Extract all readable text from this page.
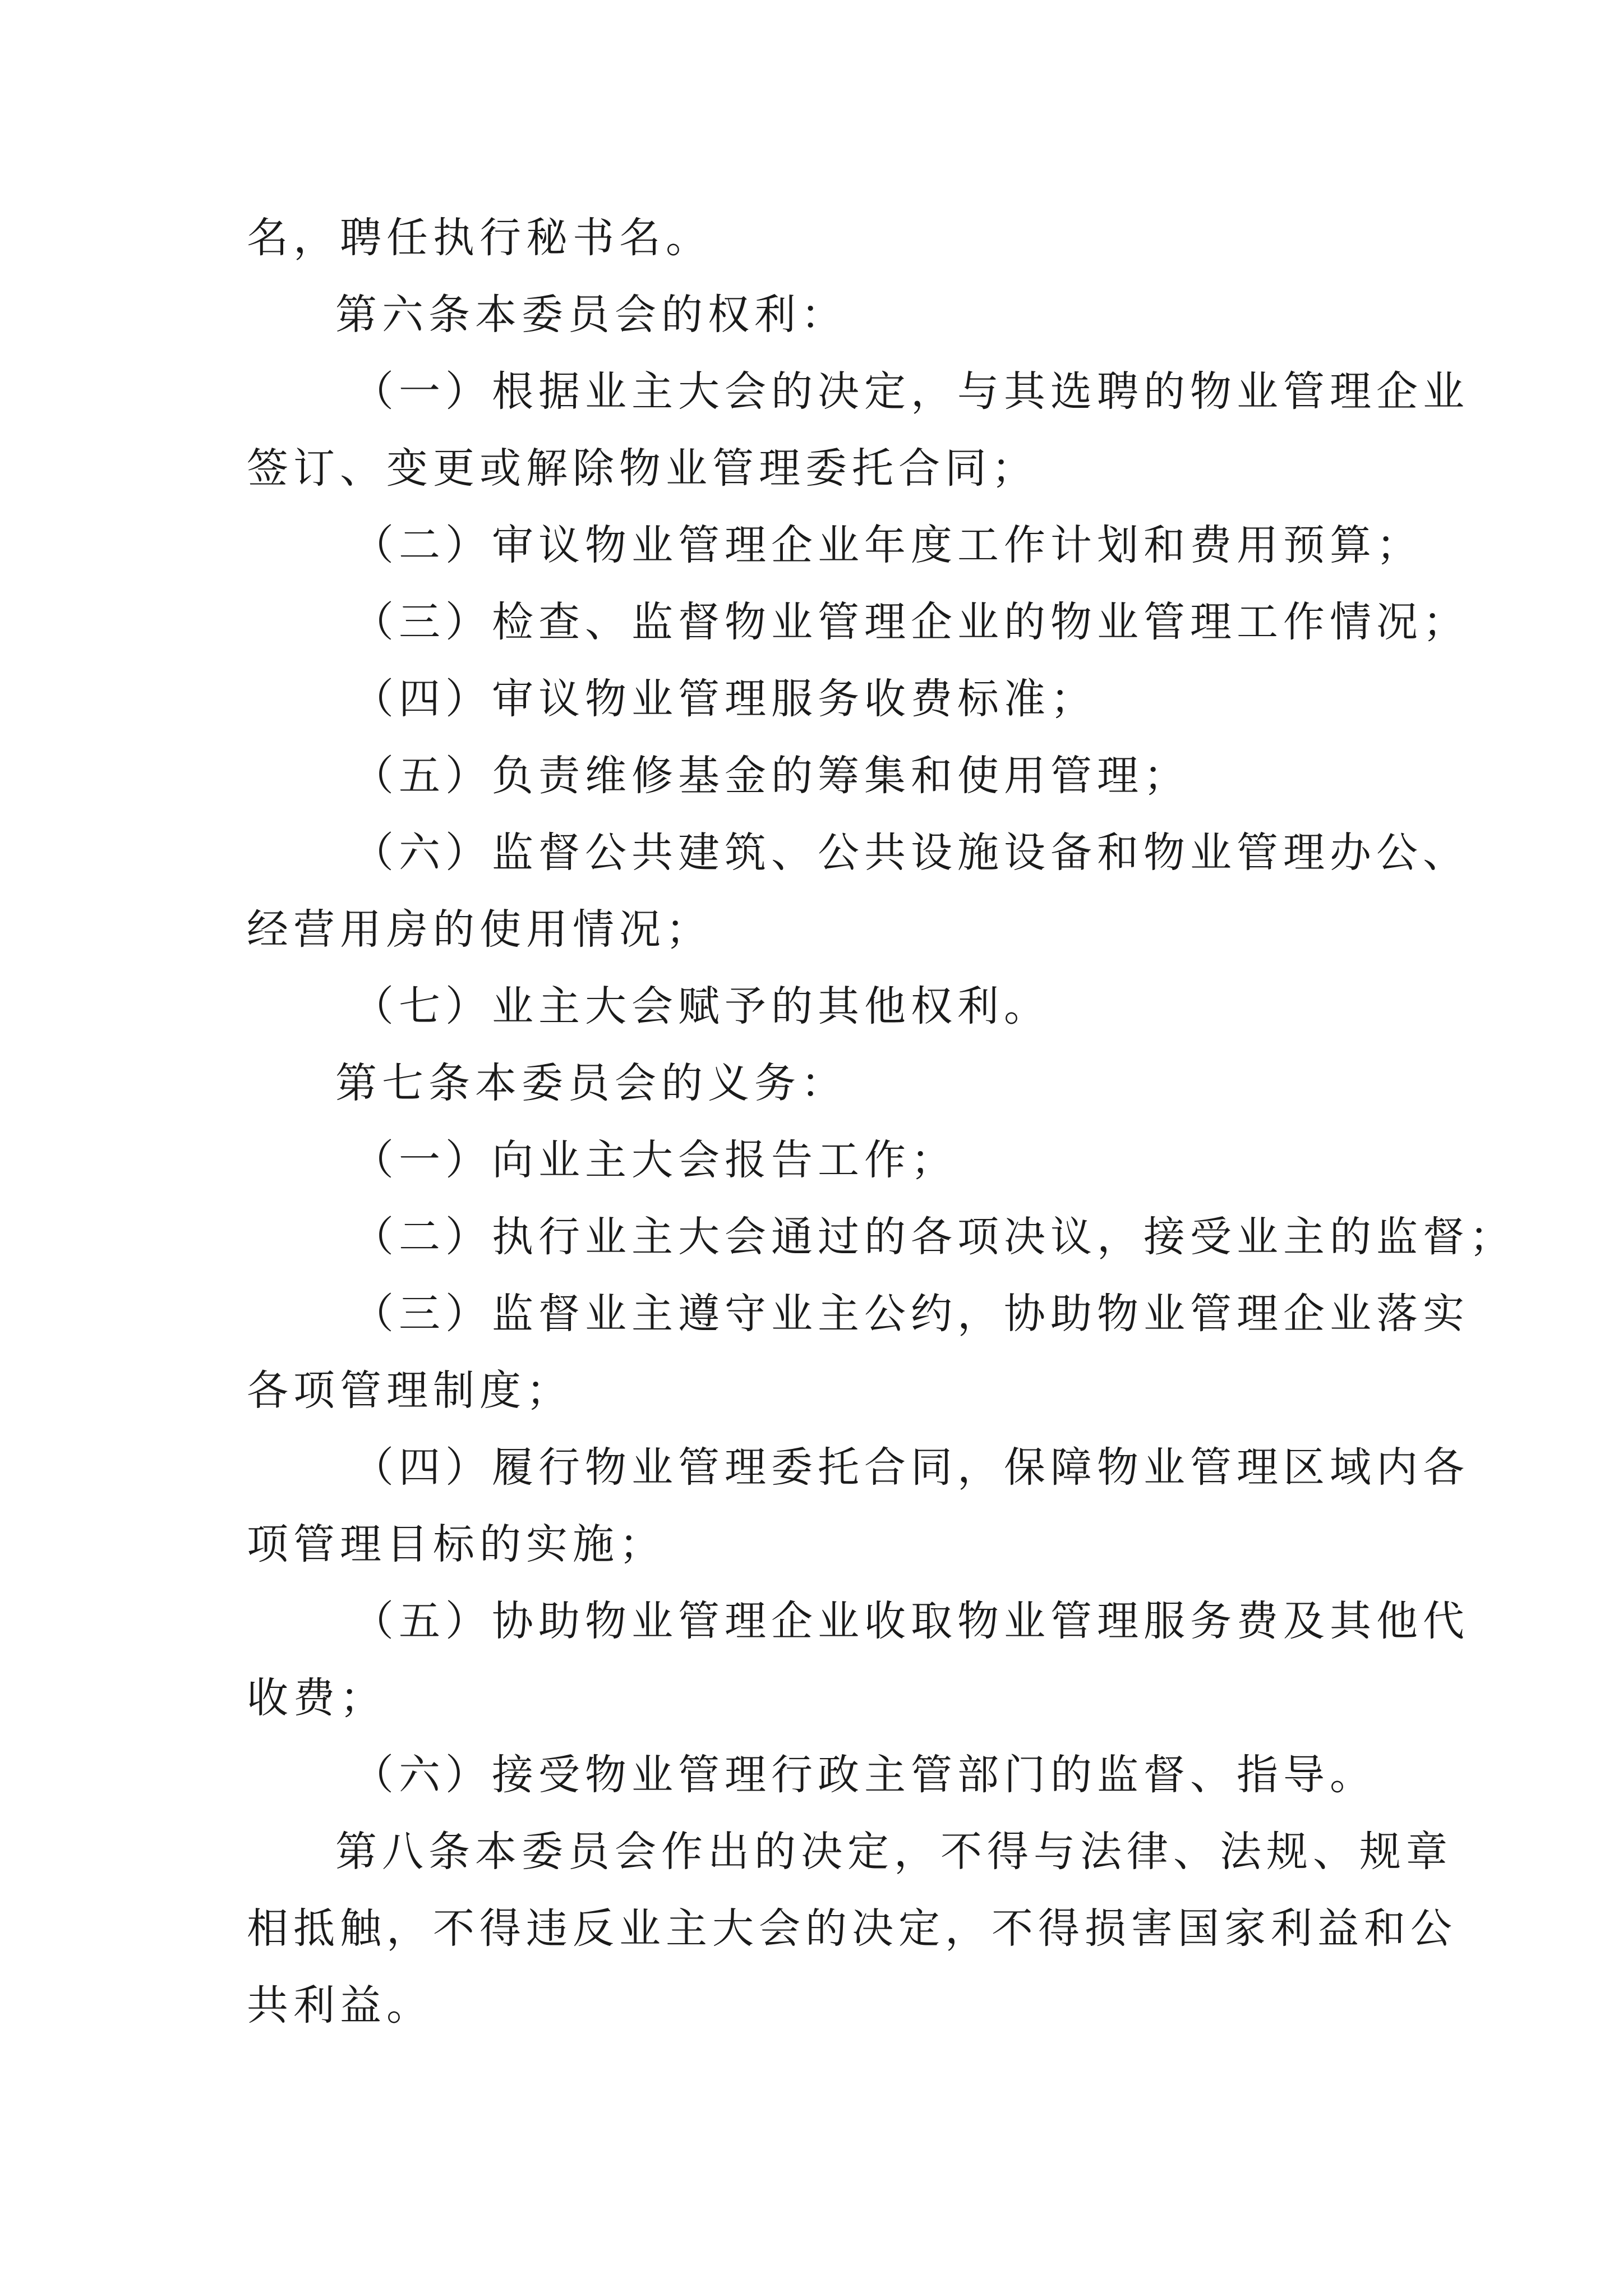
名，聘任执行秘书名。
第六条本委员会的权利：
（一）根据业主大会的决定，与其选聘的物业管理企业
签订、变更或解除物业管理委托合同；
（二）审议物业管理企业年度工作计划和费用预算；
（三）检查、监督物业管理企业的物业管理工作情况；
（四）审议物业管理服务收费标准；
（五）负责维修基金的筹集和使用管理；
（六）监督公共建筑、公共设施设备和物业管理办公、
经营用房的使用情况；
（七）业主大会赋予的其他权利。
第七条本委员会的义务：
（一）向业主大会报告工作；
（二）执行业主大会通过的各项决议，接受业主的监督；
（三）监督业主遵守业主公约，协助物业管理企业落实
各项管理制度；
（四）履行物业管理委托合同，保障物业管理区域内各
项管理目标的实施；
（五）协助物业管理企业收取物业管理服务费及其他代
收费；
（六）接受物业管理行政主管部门的监督、指导。
第八条本委员会作出的决定，不得与法律、法规、规章
相抵触，不得违反业主大会的决定，不得损害国家利益和公
共利益。
